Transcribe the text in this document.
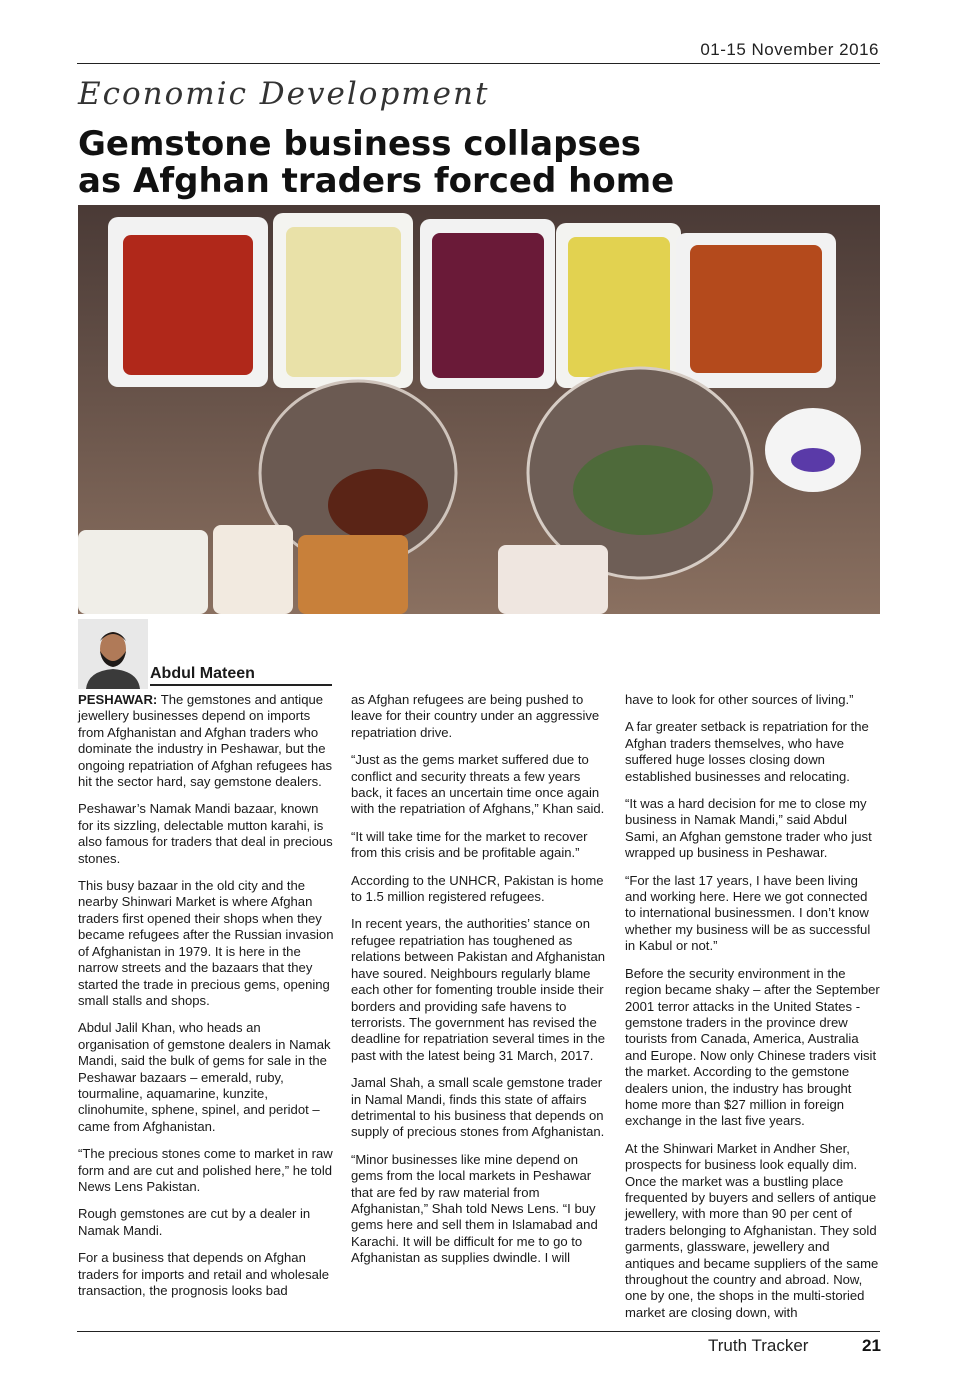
01-15 November 2016
Economic Development
Gemstone business collapses
as Afghan traders forced home
Abdul Mateen

PESHAWAR: The gemstones and antique jewellery businesses depend on imports from Afghanistan and Afghan traders who dominate the industry in Peshawar, but the ongoing repatriation of Afghan refugees has hit the sector hard, say gemstone dealers.

Peshawar’s Namak Mandi bazaar, known for its sizzling, delectable mutton karahi, is also famous for traders that deal in precious stones.

This busy bazaar in the old city and the nearby Shinwari Market is where Afghan traders first opened their shops when they became refugees after the Russian invasion of Afghanistan in 1979. It is here in the narrow streets and the bazaars that they started the trade in precious gems, opening small stalls and shops.

Abdul Jalil Khan, who heads an organisation of gemstone dealers in Namak Mandi, said the bulk of gems for sale in the Peshawar bazaars – emerald, ruby, tourmaline, aquamarine, kunzite, clinohumite, sphene, spinel, and peridot – came from Afghanistan.

“The precious stones come to market in raw form and are cut and polished here,” he told News Lens Pakistan.

Rough gemstones are cut by a dealer in Namak Mandi.

For a business that depends on Afghan traders for imports and retail and wholesale transaction, the prognosis looks bad

as Afghan refugees are being pushed to leave for their country under an aggressive repatriation drive.

“Just as the gems market suffered due to conflict and security threats a few years back, it faces an uncertain time once again with the repatriation of Afghans,” Khan said.

“It will take time for the market to recover from this crisis and be profitable again.”

According to the UNHCR, Pakistan is home to 1.5 million registered refugees.

In recent years, the authorities’ stance on refugee repatriation has toughened as relations between Pakistan and Afghanistan have soured. Neighbours regularly blame each other for fomenting trouble inside their borders and providing safe havens to terrorists. The government has revised the deadline for repatriation several times in the past with the latest being 31 March, 2017.

Jamal Shah, a small scale gemstone trader in Namal Mandi, finds this state of affairs detrimental to his business that depends on supply of precious stones from Afghanistan.

“Minor businesses like mine depend on gems from the local markets in Peshawar that are fed by raw material from Afghanistan,” Shah told News Lens. “I buy gems here and sell them in Islamabad and Karachi. It will be difficult for me to go to Afghanistan as supplies dwindle. I will

have to look for other sources of living.”

A far greater setback is repatriation for the Afghan traders themselves, who have suffered huge losses closing down established businesses and relocating.

“It was a hard decision for me to close my business in Namak Mandi,” said Abdul Sami, an Afghan gemstone trader who just wrapped up business in Peshawar.

“For the last 17 years, I have been living and working here. Here we got connected to international businessmen. I don’t know whether my business will be as successful in Kabul or not.”

Before the security environment in the region became shaky – after the September 2001 terror attacks in the United States - gemstone traders in the province drew tourists from Canada, America, Australia and Europe. Now only Chinese traders visit the market. According to the gemstone dealers union, the industry has brought home more than $27 million in foreign exchange in the last five years.

At the Shinwari Market in Andher Sher, prospects for business look equally dim. Once the market was a bustling place frequented by buyers and sellers of antique jewellery, with more than 90 per cent of traders belonging to Afghanistan. They sold garments, glassware, jewellery and antiques and became suppliers of the same throughout the country and abroad. Now, one by one, the shops in the multi-storied market are closing down, with

Truth Tracker	21
